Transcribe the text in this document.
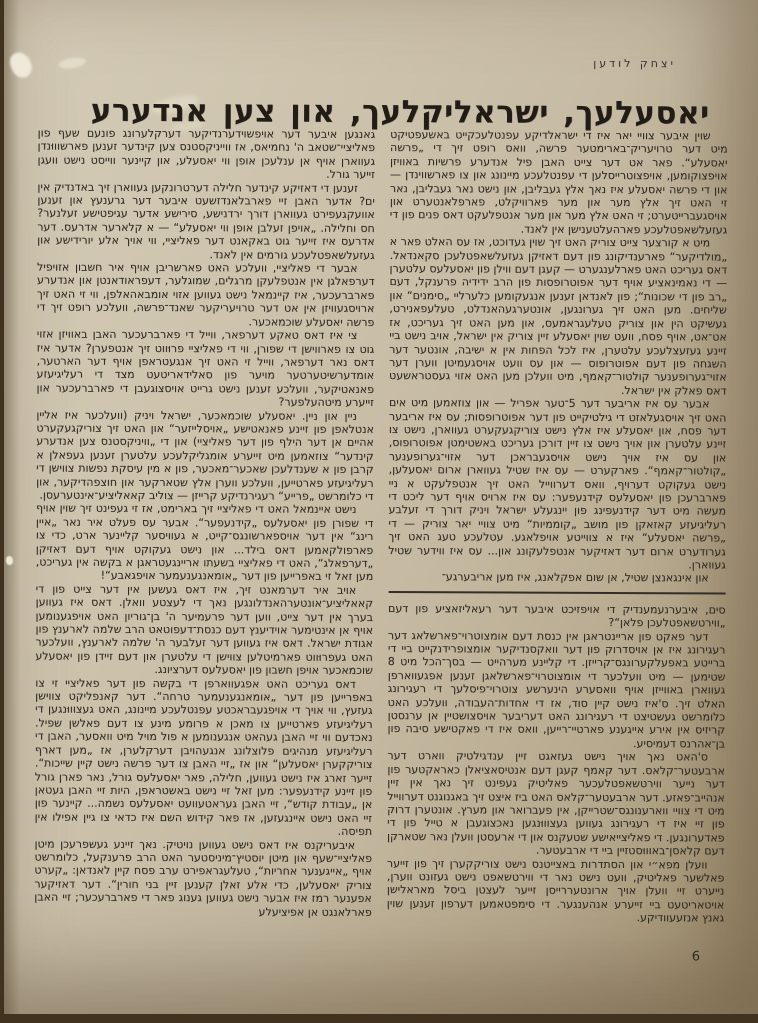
יצחק לודען
יאסעלעך, ישראליקלעך, און צען אנדערע

שוין איבער צוויי יאר איז די ישראלדיקע עפנטלעכקייט באשעפטיקט מיט דער טרויעריק־בארימטער פרשה, וואס רופט זיך די „פרשה יאסעלע“. פאר אט דער צייט האבן פיל אנדערע פרשיות באוויזן אויפצוקומען, אויפצוטרייסלען די עפנטלעכע מיינונג און צו פארשווינדן — און די פרשה יאסעלע איז נאך אלץ געבליבן, און נישט נאר געבליבן, נאר זי האט זיך אלץ מער און מער פארוויקלט, פארפלאנטערט און אויסגעברייטערט; זי האט אלץ מער און מער אנטפלעקט דאס פנים פון די געזעלשאפטלעכע פארהעלטענישן אין לאנד.

מיט א קורצער צייט צוריק האט זיך שוין געדוכט, אז עס האלט פאר א „מולדיקער“ פארענדיקונג פון דעם דאזיקן געזעלשאפטלעכן סקאנדאל. דאס געריכט האט פארלענגערט — קעגן דעם ווילן פון יאסעלעס עלטערן — די נאמינאציע אויף דער אפוטרופסות פון הרב ידידיה פרענקל, דעם „רב פון די שכונות“; פון לאנדאן זענען אנגעקומען כלערליי „סימנים“ און שליחים. מען האט זיך גערונגען, אונטערגעהאנדלט, טעלעפאנירט, געשיקט הין און צוריק טעלעגראמעס, און מען האט זיך געריכט, אז אט־אט, אויף פסח, וועט שוין יאסעלע זיין צוריק אין ישראל, אויב נישט ביי זיינע געזעצלעכע עלטערן, איז לכל הפחות אין א ישיבה, אונטער דער השגחה פון דעם אפוטרופוס — און עס וועט אויסגעמיטן ווערן דער אזוי־גערופענער קולטור־קאמף, מיט וועלכן מען האט אזוי געסטראשעט דאס פאלק אין ישראל.

אבער עס איז אריבער דער 5־טער אפריל — און צוזאמען מיט אים האט זיך אויסגעלאזט די גילטיקייט פון דער אפוטרופסות; עס איז אריבער דער פסח, און יאסעלע איז אלץ נישט צוריקגעקערט געווארן, נישט צו זיינע עלטערן און אויך נישט צו זיין דורכן געריכט באשטימטן אפוטרופוס, און עס איז אויך נישט אויסגעבראכן דער אזוי־גערופענער „קולטור־קאמף“. פארקערט — עס איז שטיל געווארן ארום יאסעלען, נישט געקוקט דערויף, וואס דערווייל האט זיך אנטפלעקט א ניי פארברעכן פון יאסעלעס קידנעפער: עס איז ארויס אויף דער ליכט די מעשה מיט דער קידנעפינג פון יינגעלע ישראל ויניק דורך די זעלבע רעליגיעזע קאזאקן פון מושב „קוממיות“ מיט צוויי יאר צוריק — די „פרשה יאסעלע“ איז א צווייטע אויפלאגע. עטלעכע טעג האט זיך גערודערט ארום דער דאזיקער אנטפלעקונג און... עס איז ווידער שטיל געווארן.

און אינגאנצן שטיל, אן שום אפקלאנג, איז מען אריבערגע־

סים, איבערנעמענדיק די אויפזיכט איבער דער רעאליזאציע פון דעם „ווירטשאפטלעכן פלאן“?

דער פאקט פון אריינטראגן אין כנסת דעם אומצוטרוי־פארשלאג דער רעגירונג איז אן אויסדרוק פון דער וואקסנדיקער אומצופרידנקייט ביי די ברייטע באפעלקערונגס־קרייזן. די קליינע מערהייט — בסך־הכל מיט 8 שטימען — מיט וועלכער די אומצוטרוי־פארשלאגן זענען אפגעווארפן געווארן באווייזן אויף וואסערע הינערשע צוטרוי־פיסלעך די רעגירונג האלט זיך. ס'איז נישט קיין סוד, אז די אחדות־העבודה, וועלכע האט כלומרשט געשטיצט די רעגירונג האט דעריבער אויסצושטיין אן ערנסטן קריזיס אין אירע אייגענע פארטיי־רייען, וואס איז די פאקטישע סיבה פון בן־אהרנס דעמיסיע.

ס'האט נאך אויך נישט געזאגט זיין ענדגילטיק ווארט דער ארבעטער־קלאס. דער קאמף קעגן דעם אנטיסאציאלן כאראקטער פון דער נייער ווירטשאפטלעכער פאליטיק געפינט זיך נאך אין זיין אנהייב־פאזע. דער ארבעטער־קלאס האט ביז איצט זיך באגנוגנט דערווייל מיט די צוויי ווארענונגס־שטרייקן, אין פעברואר און מערץ. אונטערן דרוק פון זיי איז די רעגירונג געווען געצוווּנגען נאכצוגעבן א טייל פון די פאדערונגען. די פאליצייאישע שטעקנס און די ארעסטן וועלן נאר שטארקן דעם קלאסן־באוווּסטזיין ביי די ארבעטער.

וועלן מפא״י און הסתדרות באצייטנס נישט צוריקקערן זיך פון זייער פאלשער פאליטיק, וועט נישט נאר די ווירטשאפט נישט געזונט ווערן, נייערט זיי וועלן אויך ארונטעררייסן זייער לעצטן ביסל מאראלישן אויטאריטעט ביי זייערע אנהענגער. די סימפטאמען דערפון זענען שוין גאנץ אנזעעוודיקע.

גאנגען איבער דער אויפשוידערנדיקער דערקלערונג פונעם שעף פון פאליציי־שטאב ה' נחמיאס, אז ווייניקסטנס צען קינדער זענען פארשוווּנדן געווארן אויף אן ענלעכן אופן ווי יאסעלע, און קיינער ווייסט נישט וועגן זייער גורל.

זענען די דאזיקע קינדער חלילה דערטרונקען געווארן זיך באדנדיק אין ים? אדער האבן זיי פארבלאנדזשעט איבער דער גרענעץ און זענען אוועקגעפירט געווארן דורך ירדנישע, סירישע אדער עגיפטישע זעלנער? חס וחלילה. „אויפן זעלבן אופן ווי יאסעלע“ — א קלארער אדרעס. דער אדרעס איז זייער גוט באקאנט דער פאליציי, ווי אויך אלע יורידישע און געזעלשאפטלעכע גורמים אין לאנד.

אבער די פאליציי, וועלכע האט פארשריבן אויף איר חשבון אזויפיל דערפאלגן אין אנטפלעקן מרגלים, שמוגלער, דעפראודאנטן און אנדערע פארברעכער, איז קיינמאל נישט געווען אזוי אומבאהאלפן, ווי זי האט זיך ארויסגעוויזן אין אט דער טרויעריקער שאנד־פרשה, וועלכע רופט זיך די פרשה יאסעלע שוכמאכער.

צי איז דאס טאקע דערפאר, ווייל די פארברעכער האבן באוויזן אזוי גוט צו פארווישן די שפורן, ווי די פאליציי פרוּווט זיך אנטפערן? אדער איז דאס נאר דערפאר, ווייל זי האט זיך אנגעטראפן אויף דער הארטער, אומדערשיטערטער מויער פון סאלידאריטעט מצד די רעליגיעזע פאנאטיקער, וועלכע זענען נישט גרייט אויסצוגעבן די פארברעכער און זייערע מיטהעלפער?

ניין און ניין. יאסעלע שוכמאכער, ישראל ויניק (וועלכער איז אליין אנטלאפן פון זיינע פאנאטישע „אויסלייזער“ און האט זיך צוריקגעקערט אהיים אן דער הילף פון דער פאליציי) און די „וויניקסטנס צען אנדערע קינדער“ צוזאמען מיט זייערע אומגליקלעכע עלטערן זענען געפאלן א קרבן פון א שענדלעכן שאכער־מאכער, פון א מין עיסקת נפשות צווישן די רעליגיעזע פארטייען, וועלכע ווערן אלץ שטארקער און חוצפהדיקער, און די כלומרשט „פרייע“ רעגירנדיקע קרייזן — צוליב קאאליציע־אינטערעסן.

נישט איינמאל האט די פאליציי זיך בארימט, אז זי געפינט זיך שוין אויף די שפורן פון יאסעלעס „קידנעפער“. אבער עס פעלט איר נאר „איין רינג“ אין דער אויספארשונגס־קייט, א געוויסער קליינער ארט, כדי צו פארפולקאמען דאס בילד... און נישט געקוקט אויף דעם דאזיקן „דערפאלג“, האט די פאליציי בשעתו אריינגעטראגן א בקשה אין געריכט, מען זאל זי באפרייען פון דער „אומאנגענעמער אויפגאבע“!

אויב איר דערמאנט זיך, איז דאס געשען אין דער צייט פון די קאאליציע־אונטערהאנדלונגען נאך די לעצטע וואלן. דאס איז געווען בערך אין דער צייט, ווען דער פרעמיער ה' בן־גוריון האט אויפגענומען אויף אן אינטימער אוידיענץ דעם כנסת־דעפוטאט הרב שלמה לארענץ פון אגודת ישראל. דאס איז געווען דער זעלבער ה' שלמה לארענץ, וועלכער האט געפרוּווט פארמיטלען צווישן די עלטערן און דעם זיידן פון יאסעלע שוכמאכער אויפן חשבון פון יאסעלעס דערציונג.

דאס געריכט האט אפגעווארפן די בקשה פון דער פאליציי זי צו באפרייען פון דער „אומאנגענעמער טרחה“. דער קאנפליקט צווישן געזעץ, ווי אויך די אויפגעבראכטע עפנטלעכע מיינונג, האט געצוווּנגען די רעליגיעזע פארטייען צו מאכן א פרומע מינע צו דעם פאלשן שפיל. נאכדעם ווי זיי האבן געהאט אנגענומען א פול מויל מיט וואסער, האבן די רעליגיעזע מנהיגים פלוצלונג אנגעהויבן דערקלערן, אז „מען דארף צוריקקערן יאסעלען“ און אז „זיי האבן צו דער פרשה נישט קיין שייכות“. זייער זארג איז נישט געווען, חלילה, פאר יאסעלעס גורל, נאר פארן גורל פון זיינע קידנעפער: מען זאל זיי נישט באשטראפן, היות זיי האבן געטאן אן „עבודת קודש“, זיי האבן געראטעוועט יאסעלעס נשמה... קיינער פון זיי האט נישט איינגעזען, אז פאר קידוש השם איז כדאי צו גיין אפילו אין תפיסה.

איבעריקנס איז דאס נישט געווען נויטיק. נאך זיינע געשפרעכן מיטן פאליציי־שעף און מיטן יוסטיץ־מיניסטער האט הרב פרענקעל, כלומרשט אויף „אייגענער אחריות“, טעלעגראפירט ערב פסח קיין לאנדאן: „קערט צוריק יאסעלען, כדי אלע זאלן קענען זיין בני חורין“. דער דאזיקער אפענער רמז איז אבער נישט געווען גענוג פאר די פארברעכער; זיי האבן פארלאנגט אן אפיציעלע

6
